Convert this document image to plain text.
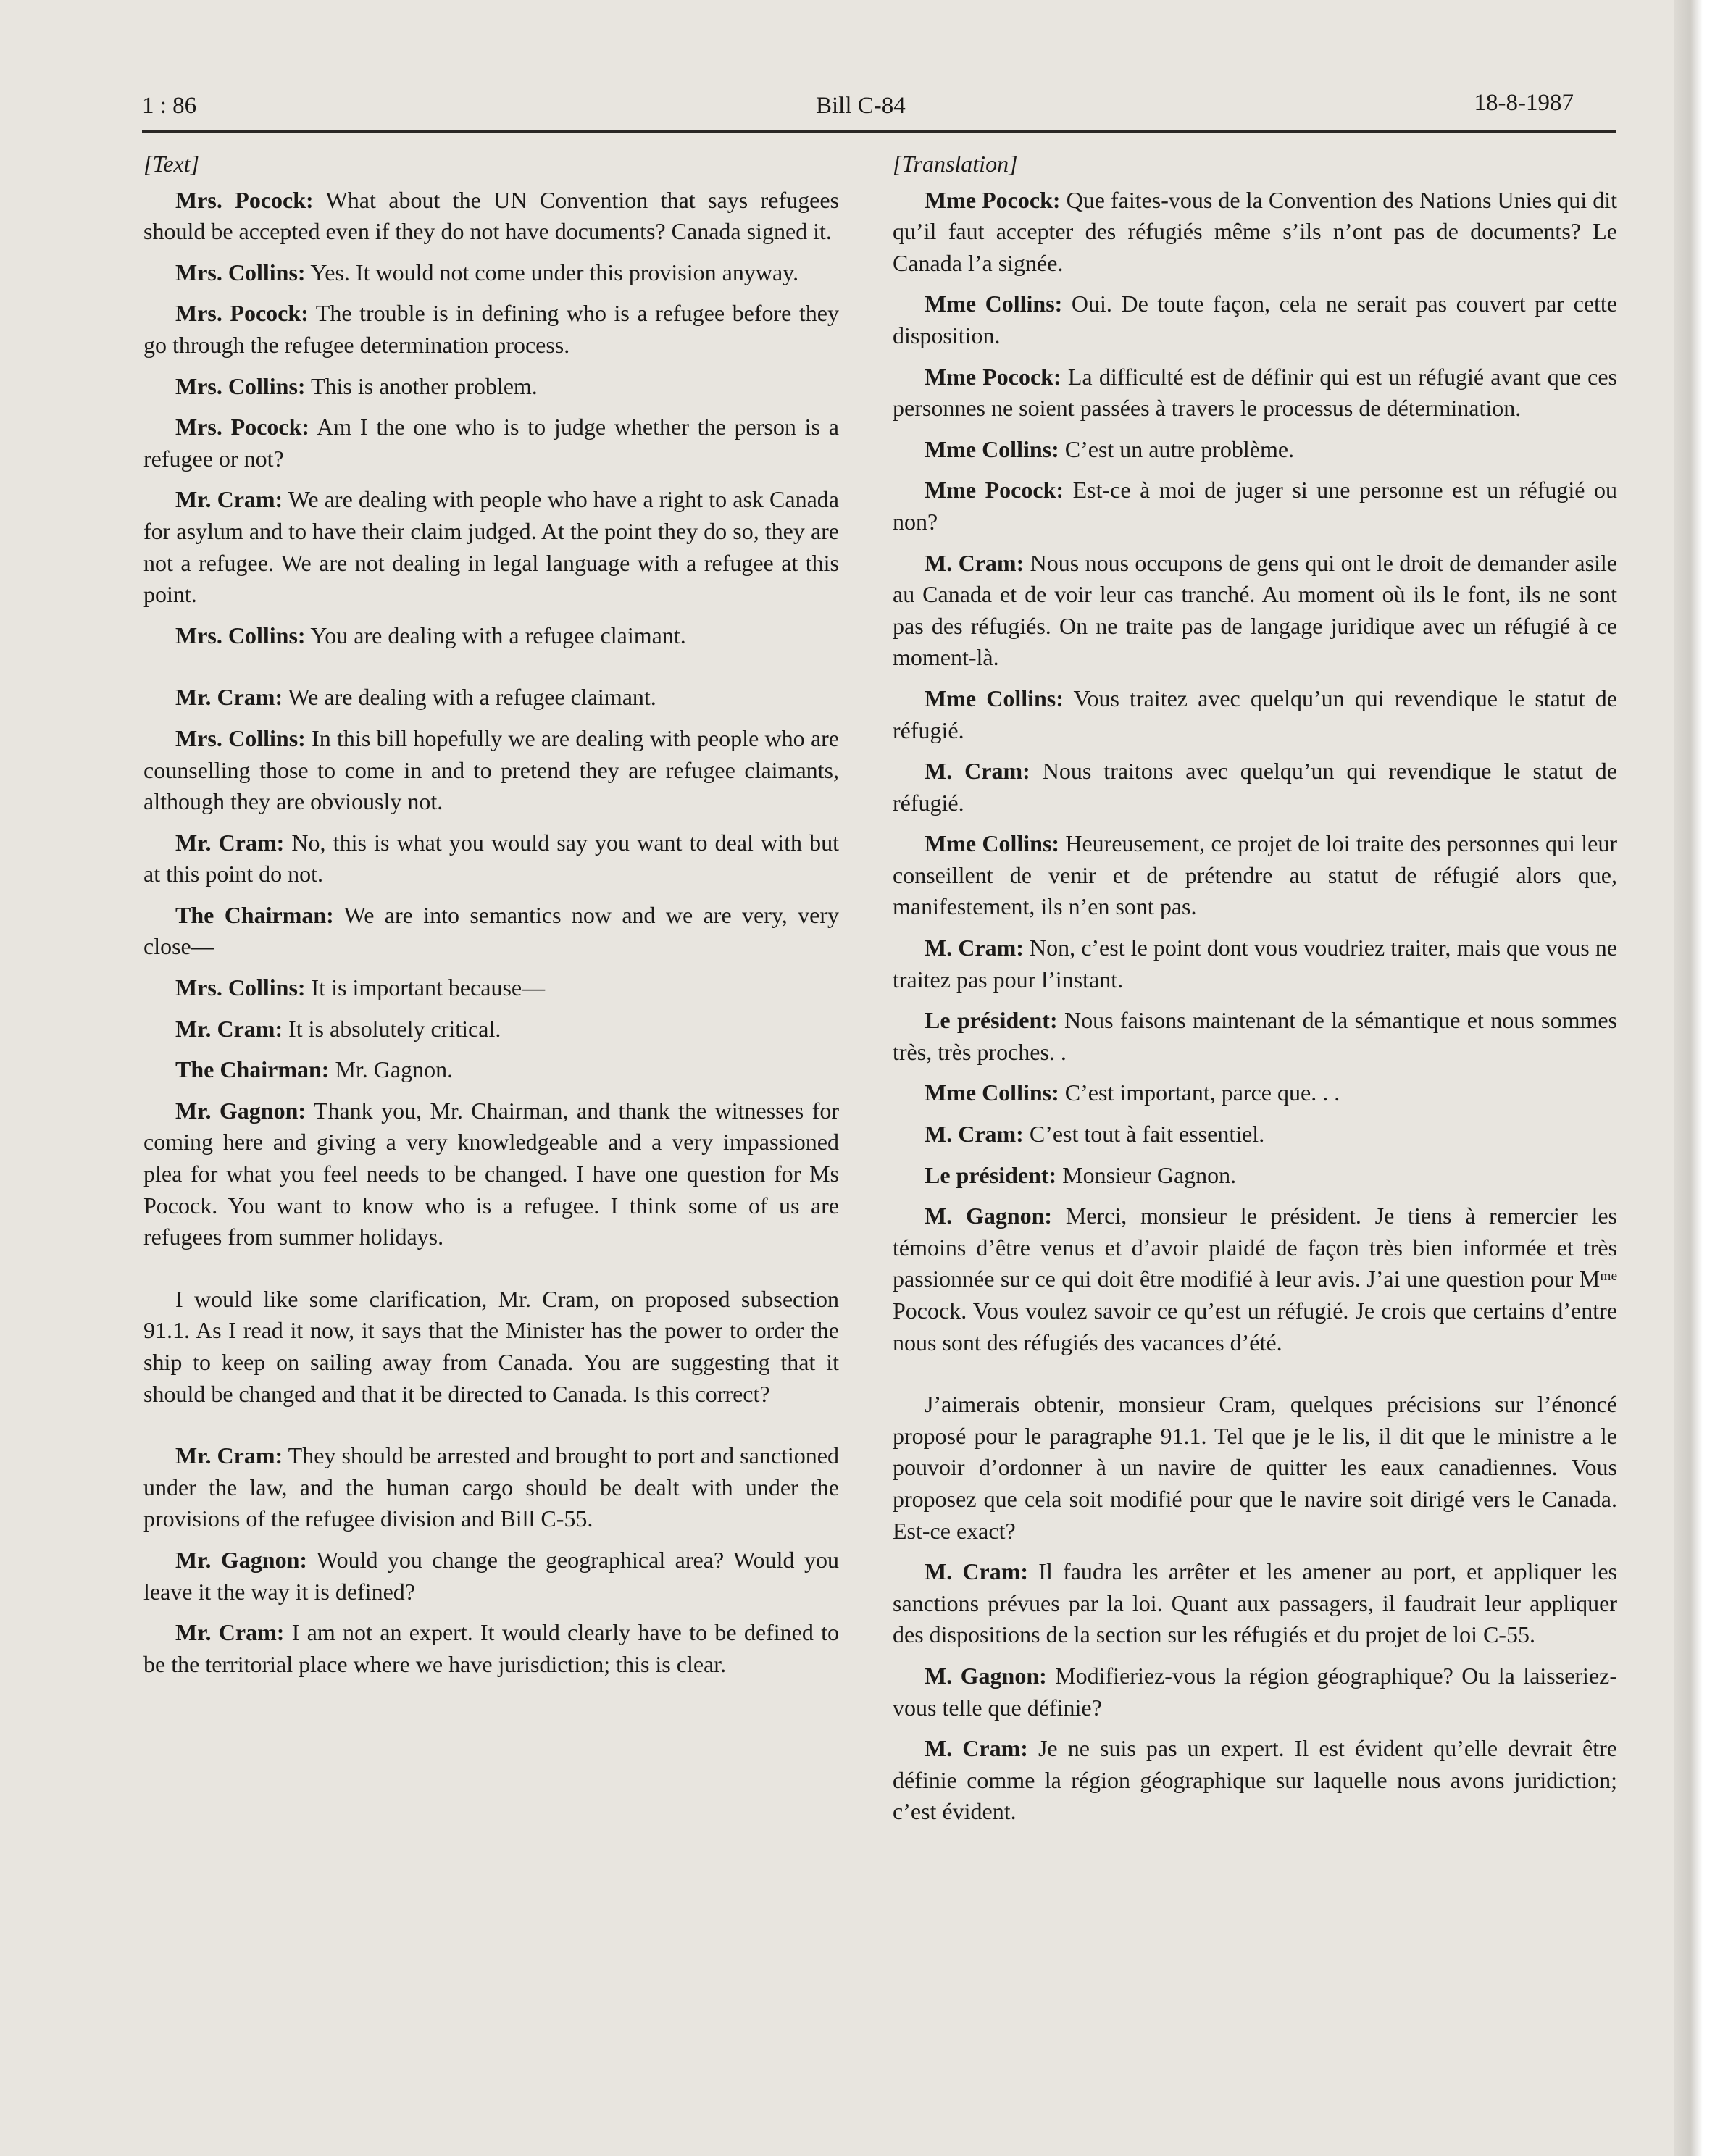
1 : 86	Bill C-84	18-8-1987
[Text]

Mrs. Pocock: What about the UN Convention that says refugees should be accepted even if they do not have documents? Canada signed it.

Mrs. Collins: Yes. It would not come under this provision anyway.

Mrs. Pocock: The trouble is in defining who is a refugee before they go through the refugee determination process.

Mrs. Collins: This is another problem.

Mrs. Pocock: Am I the one who is to judge whether the person is a refugee or not?

Mr. Cram: We are dealing with people who have a right to ask Canada for asylum and to have their claim judged. At the point they do so, they are not a refugee. We are not dealing in legal language with a refugee at this point.

Mrs. Collins: You are dealing with a refugee claimant.

Mr. Cram: We are dealing with a refugee claimant.

Mrs. Collins: In this bill hopefully we are dealing with people who are counselling those to come in and to pretend they are refugee claimants, although they are obviously not.

Mr. Cram: No, this is what you would say you want to deal with but at this point do not.

The Chairman: We are into semantics now and we are very, very close—

Mrs. Collins: It is important because—

Mr. Cram: It is absolutely critical.

The Chairman: Mr. Gagnon.

Mr. Gagnon: Thank you, Mr. Chairman, and thank the witnesses for coming here and giving a very knowledgeable and a very impassioned plea for what you feel needs to be changed. I have one question for Ms Pocock. You want to know who is a refugee. I think some of us are refugees from summer holidays.

I would like some clarification, Mr. Cram, on proposed subsection 91.1. As I read it now, it says that the Minister has the power to order the ship to keep on sailing away from Canada. You are suggesting that it should be changed and that it be directed to Canada. Is this correct?

Mr. Cram: They should be arrested and brought to port and sanctioned under the law, and the human cargo should be dealt with under the provisions of the refugee division and Bill C-55.

Mr. Gagnon: Would you change the geographical area? Would you leave it the way it is defined?

Mr. Cram: I am not an expert. It would clearly have to be defined to be the territorial place where we have jurisdiction; this is clear.

[Translation]

Mme Pocock: Que faites-vous de la Convention des Nations Unies qui dit qu’il faut accepter des réfugiés même s’ils n’ont pas de documents? Le Canada l’a signée.

Mme Collins: Oui. De toute façon, cela ne serait pas couvert par cette disposition.

Mme Pocock: La difficulté est de définir qui est un réfugié avant que ces personnes ne soient passées à travers le processus de détermination.

Mme Collins: C’est un autre problème.

Mme Pocock: Est-ce à moi de juger si une personne est un réfugié ou non?

M. Cram: Nous nous occupons de gens qui ont le droit de demander asile au Canada et de voir leur cas tranché. Au moment où ils le font, ils ne sont pas des réfugiés. On ne traite pas de langage juridique avec un réfugié à ce moment-là.

Mme Collins: Vous traitez avec quelqu’un qui revendique le statut de réfugié.

M. Cram: Nous traitons avec quelqu’un qui revendique le statut de réfugié.

Mme Collins: Heureusement, ce projet de loi traite des personnes qui leur conseillent de venir et de prétendre au statut de réfugié alors que, manifestement, ils n’en sont pas.

M. Cram: Non, c’est le point dont vous voudriez traiter, mais que vous ne traitez pas pour l’instant.

Le président: Nous faisons maintenant de la sémantique et nous sommes très, très proches. .

Mme Collins: C’est important, parce que. . .

M. Cram: C’est tout à fait essentiel.

Le président: Monsieur Gagnon.

M. Gagnon: Merci, monsieur le président. Je tiens à remercier les témoins d’être venus et d’avoir plaidé de façon très bien informée et très passionnée sur ce qui doit être modifié à leur avis. J’ai une question pour Mᵐᵉ Pocock. Vous voulez savoir ce qu’est un réfugié. Je crois que certains d’entre nous sont des réfugiés des vacances d’été.

J’aimerais obtenir, monsieur Cram, quelques précisions sur l’énoncé proposé pour le paragraphe 91.1. Tel que je le lis, il dit que le ministre a le pouvoir d’ordonner à un navire de quitter les eaux canadiennes. Vous proposez que cela soit modifié pour que le navire soit dirigé vers le Canada. Est-ce exact?

M. Cram: Il faudra les arrêter et les amener au port, et appliquer les sanctions prévues par la loi. Quant aux passagers, il faudrait leur appliquer des dispositions de la section sur les réfugiés et du projet de loi C-55.

M. Gagnon: Modifieriez-vous la région géographique? Ou la laisseriez-vous telle que définie?

M. Cram: Je ne suis pas un expert. Il est évident qu’elle devrait être définie comme la région géographique sur laquelle nous avons juridiction; c’est évident.
